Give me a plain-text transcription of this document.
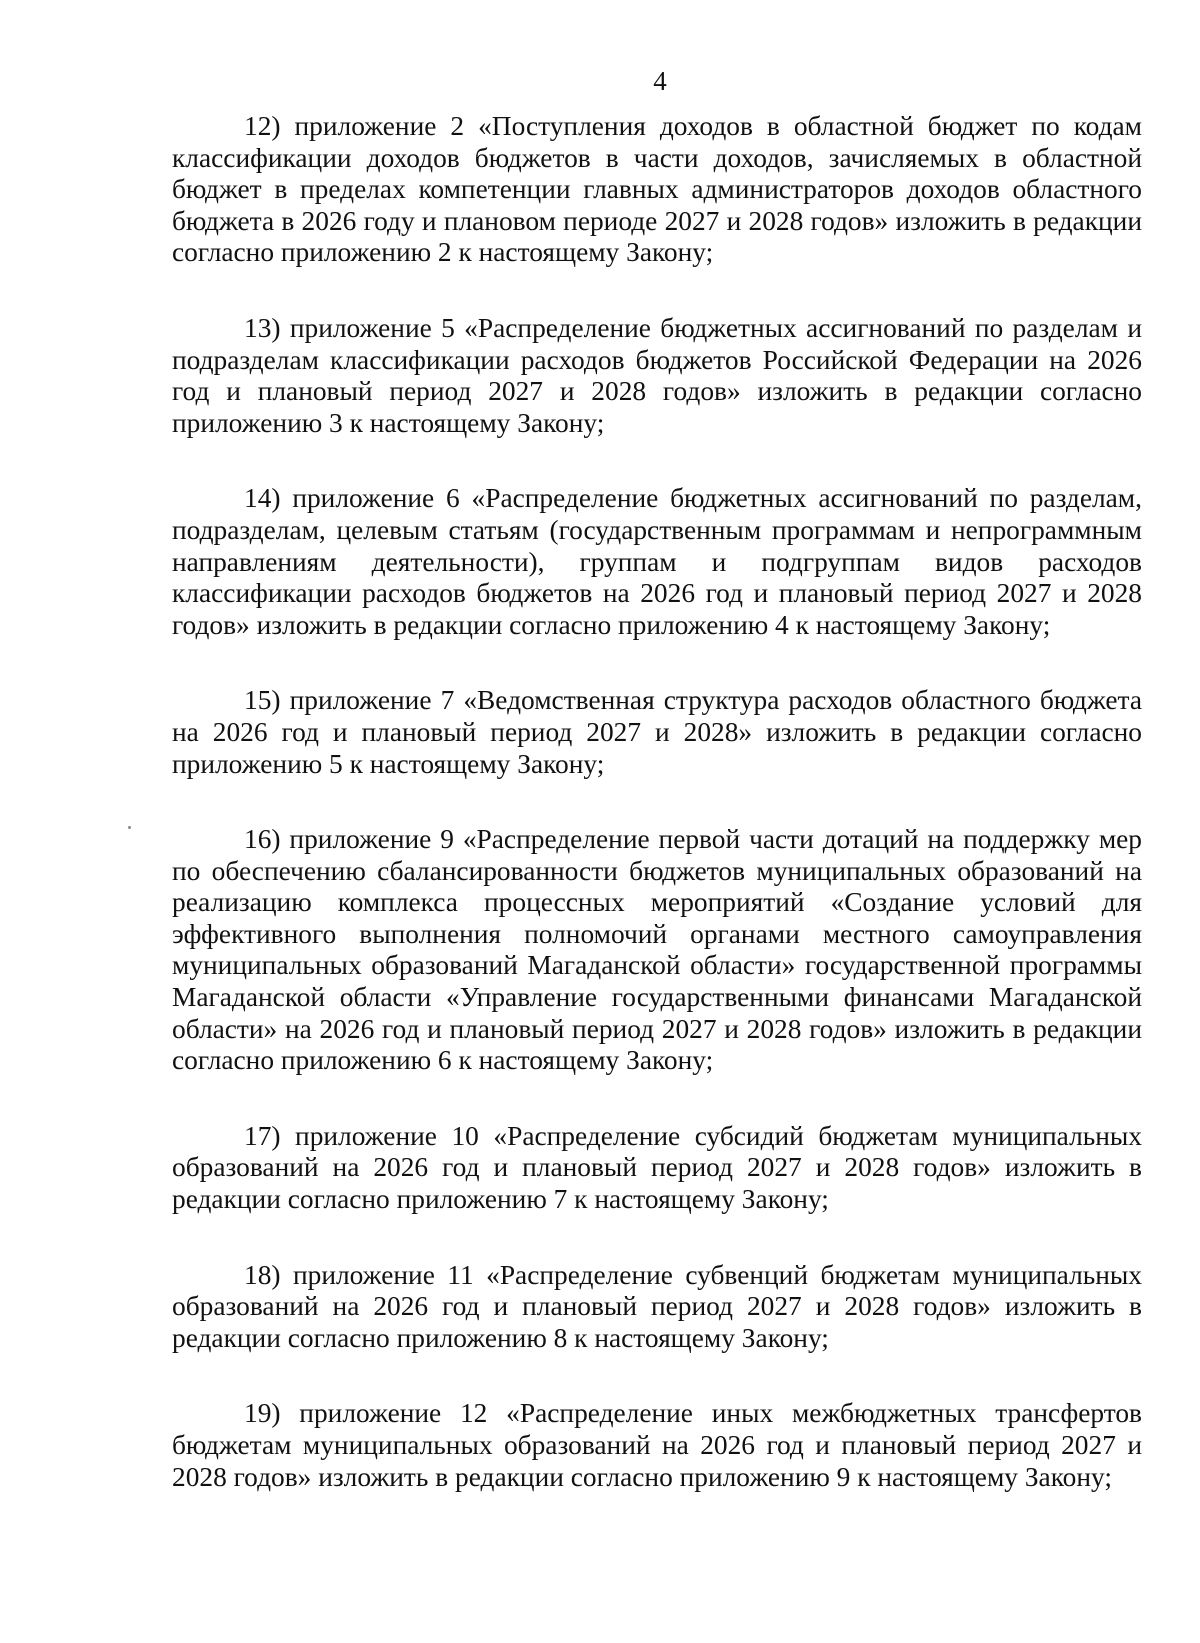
4

12) приложение 2 «Поступления доходов в областной бюджет по кодам классификации доходов бюджетов в части доходов, зачисляемых в областной бюджет в пределах компетенции главных администраторов доходов областного бюджета в 2026 году и плановом периоде 2027 и 2028 годов» изложить в редакции согласно приложению 2 к настоящему Закону;

13) приложение 5 «Распределение бюджетных ассигнований по разделам и подразделам классификации расходов бюджетов Российской Федерации на 2026 год и плановый период 2027 и 2028 годов» изложить в редакции согласно приложению 3 к настоящему Закону;

14) приложение 6 «Распределение бюджетных ассигнований по разделам, подразделам, целевым статьям (государственным программам и непрограммным направлениям деятельности), группам и подгруппам видов расходов классификации расходов бюджетов на 2026 год и плановый период 2027 и 2028 годов» изложить в редакции согласно приложению 4 к настоящему Закону;

15) приложение 7 «Ведомственная структура расходов областного бюджета на 2026 год и плановый период 2027 и 2028» изложить в редакции согласно приложению 5 к настоящему Закону;

16) приложение 9 «Распределение первой части дотаций на поддержку мер по обеспечению сбалансированности бюджетов муниципальных образований на реализацию комплекса процессных мероприятий «Создание условий для эффективного выполнения полномочий органами местного самоуправления муниципальных образований Магаданской области» государственной программы Магаданской области «Управление государственными финансами Магаданской области» на 2026 год и плановый период 2027 и 2028 годов» изложить в редакции согласно приложению 6 к настоящему Закону;

17) приложение 10 «Распределение субсидий бюджетам муниципальных образований на 2026 год и плановый период 2027 и 2028 годов» изложить в редакции согласно приложению 7 к настоящему Закону;

18) приложение 11 «Распределение субвенций бюджетам муниципальных образований на 2026 год и плановый период 2027 и 2028 годов» изложить в редакции согласно приложению 8 к настоящему Закону;

19) приложение 12 «Распределение иных межбюджетных трансфертов бюджетам муниципальных образований на 2026 год и плановый период 2027 и 2028 годов» изложить в редакции согласно приложению 9 к настоящему Закону;
